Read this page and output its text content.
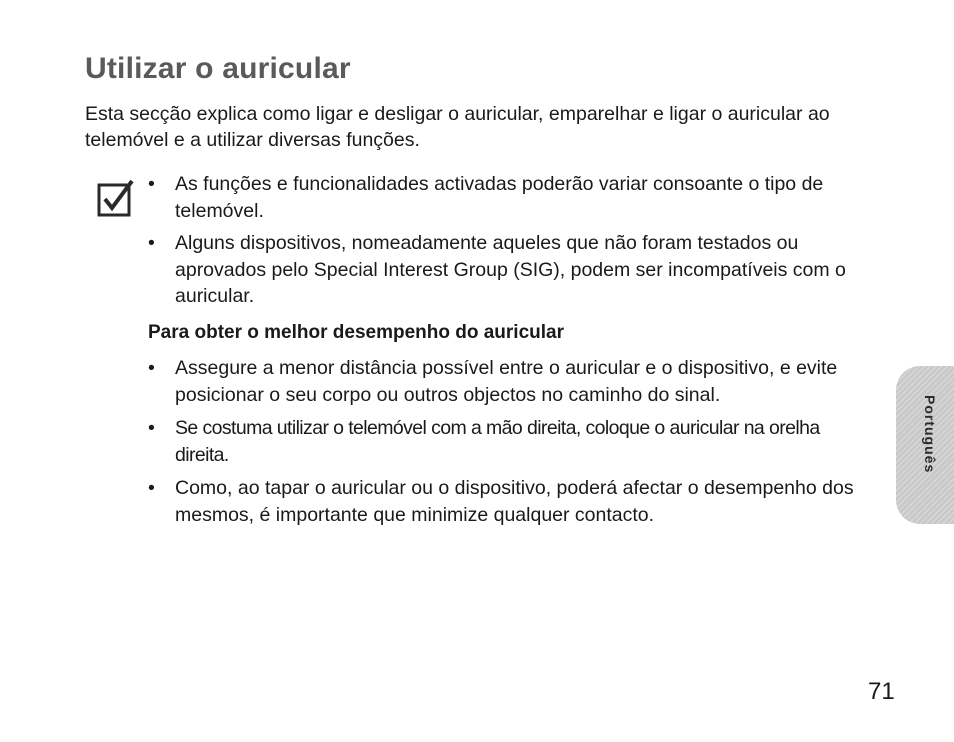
Utilizar o auricular

Esta secção explica como ligar e desligar o auricular, emparelhar e ligar o auricular ao telemóvel e a utilizar diversas funções.

• As funções e funcionalidades activadas poderão variar consoante o tipo de telemóvel.
• Alguns dispositivos, nomeadamente aqueles que não foram testados ou aprovados pelo Special Interest Group (SIG), podem ser incompatíveis com o auricular.
Para obter o melhor desempenho do auricular
• Assegure a menor distância possível entre o auricular e o dispositivo, e evite posicionar o seu corpo ou outros objectos no caminho do sinal.
• Se costuma utilizar o telemóvel com a mão direita, coloque o auricular na orelha direita.
• Como, ao tapar o auricular ou o dispositivo, poderá afectar o desempenho dos mesmos, é importante que minimize qualquer contacto.
Português
71
